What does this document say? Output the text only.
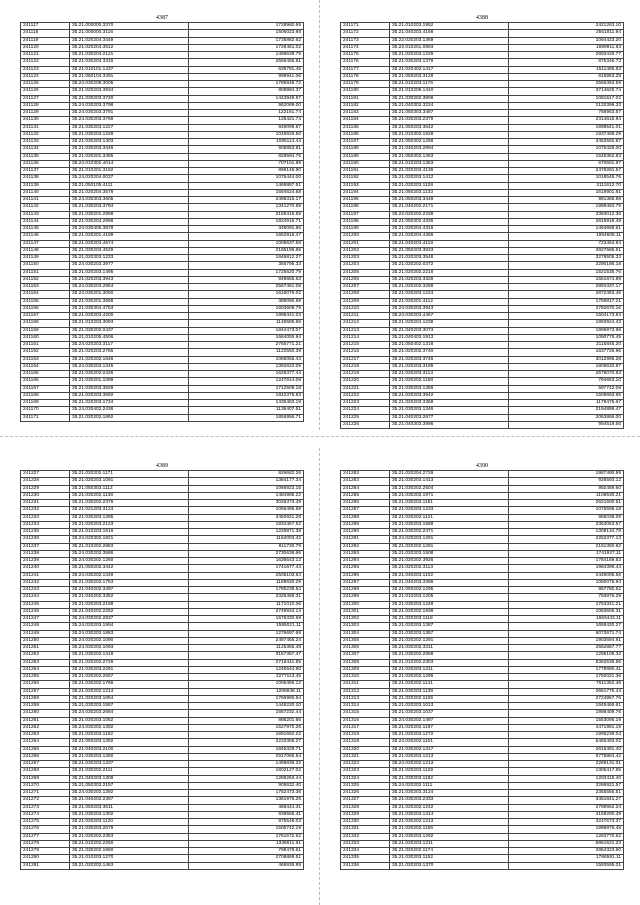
4387
241117	35.21.000000.3370	1728960.69
241118	35.21.000000.3116	1506023.68
241119	35.21.020204.3449	1735882.62
241120	35.21.020204.3512	1728461.02
241121	35.21.030204.2121	1499639.79
241122	35.21.030204.3316	2556455.81
241123	35.21.010101.1437	635791.45
241124	35.21.060104.3491	998941.06
241125	35.24.030208.3005	1785848.72
241126	35.21.020203.3934	808994.37
241127	35.21.030203.3720	1443949.87
241128	35.24.030203.3798	962089.00
241129	35.24.030203.3791	122161.74
241130	35.24.030203.3768	125421.74
241131	35.21.030203.1227	849099.87
241132	35.21.030203.1228	1049826.50
241133	35.21.030203.1403	1085114.44
241134	35.21.030203.3446	905853.81
241135	35.21.020201.3485	828594.76
241136	35.24.010302.4014	707101.89
241137	35.21.010201.3162	899146.90
241138	35.24.020204.0037	1076444.00
241139	35.21.050105.4111	1469887.51
241140	35.21.020204.3578	1694624.68
241141	35.24.030303.3605	2498316.17
241142	35.21.030203.3794	1341270.89
241143	35.21.030201.2998	2159416.59
241144	35.21.030204.2998	1924916.71
241145	35.24.030405.3878	349091.86
241146	35.21.020201.4189	1652916.47
241147	35.21.020203.4574	1006637.58
241148	35.21.030203.4529	2185196.86
241149	35.21.020303.1233	1846812.27
241150	35.24.030203.3977	356795.33
241151	35.21.020203.1495	1725620.79
241152	35.21.020203.3943	948655.63
241153	35.24.030203.2864	2567461.08
241154	35.24.030201.3050	1616079.02
241155	35.21.030201.3668	389090.89
241156	35.21.030304.4753	1603609.79
241157	35.21.020203.4200	1995441.03
241158	35.21.010203.3093	1149585.66
241159	35.21.030202.0437	1844473.07
241160	35.21.010205.4506	1664055.94
241161	35.24.020203.3117	2765771.21
241162	35.21.020203.2765	1122550.39
241163	35.21.020202.1646	1066055.44
241164	35.24.030203.1345	1362622.09
241165	35.21.030202.0426	1625377.44
241166	35.21.030201.1089	1247614.08
241167	35.21.030203.3829	1712508.18
241168	35.21.020203.3592	1842375.83
241169	35.21.020203.1734	1335483.19
241170	35.24.030402.2436	1136407.51
241171	35.21.020202.1892	1856956.71
4388
241171	35.21.010203.1952	2421263.10
241172	35.21.040203.4168	2551811.94
241173	35.22.020203.1369	1094423.20
241174	35.22.010201.0893	1889911.93
241175	35.21.020203.1229	2693425.77
241176	35.21.030203.1379	875346.73
241177	35.21.020402.1417	1511485.83
241178	35.21.050203.3128	815963.28
241179	35.21.010203.1176	2565353.59
241180	35.21.010206.1410	3714625.74
241181	35.21.030202.3908	1081517.02
241182	35.21.040302.3224	2132396.33
241183	35.21.050303.3487	768963.57
241184	35.21.030203.2379	2314615.94
241185	35.21.050203.3542	1998541.01
241186	35.21.010302.1928	1937488.29
241187	35.21.050302.1258	3462592.87
241188	35.21.040203.2894	1075426.00
241189	35.21.050302.1363	1545362.83
241190	35.21.010203.1363	670601.97
241191	35.21.020203.4136	2478281.57
241192	35.21.020203.1412	1018545.76
241193	35.21.020203.1128	2111612.70
241194	35.21.050203.1133	1619901.81
241195	35.21.050203.3448	981365.98
241196	35.21.040202.2171	1998494.79
241197	35.22.020202.2338	3383012.36
241198	35.21.050302.4336	2815919.49
241199	35.21.020204.4316	1464658.61
241200	35.21.020204.4366	1954605.11
241201	35.21.040203.4118	723454.84
241202	35.21.050203.3833	3927586.51
241203	35.21.020203.3548	3279505.33
241204	35.21.020202.0372	2290186.18
241205	35.21.020202.2216	1521535.76
241206	35.21.020203.3328	1561674.89
241207	35.21.020202.3288	2894437.17
241208	35.21.020203.1224	2872463.46
241209	35.21.020201.4112	1769817.21
241210	35.24.030203.3943	2782670.16
241211	35.24.030203.4467	1504173.94
241212	35.21.020204.1238	1992924.43
241213	35.21.040203.3073	1996973.98
241214	35.21.040403.1913	1090775.45
241215	35.21.050402.1318	2115846.20
241216	35.21.020202.3740	1537726.96
241217	35.21.020203.3746	3012996.28
241218	35.21.020203.3189	1809632.87
241219	35.21.020203.3113	2578070.83
241220	35.21.020202.1158	794663.10
241221	35.21.030203.1366	597742.08
241222	35.21.020203.3942	1509693.95
241223	35.21.020203.3368	1178475.67
241224	35.21.030203.1346	2194899.47
241225	35.21.040203.2677	2063866.00
241226	35.21.040303.3996	994519.66
4389
241227	35.21.020202.1171	826682.26
241228	35.21.020203.1091	1384177.34
241229	35.21.050303.1112	1066923.15
241230	35.21.030202.1138	1484995.22
241231	35.21.030202.2376	3026373.49
241232	35.21.021203.3124	1065495.59
241233	35.21.030203.1385	3450921.28
241234	35.21.020203.2123	1834467.52
241235	35.21.010203.1616	1225871.38
241236	35.24.020302.1821	1164003.42
241237	35.21.010202.2883	911730.79
241238	35.24.030202.3586	2730636.66
241239	35.24.030202.1260	1636543.12
241240	35.21.050202.3442	1741677.44
241241	35.24.030202.1349	2505103.84
241242	35.21.030202.1753	1189620.29
241243	35.21.040202.3497	1785239.54
241244	35.21.040202.3352	2326469.31
241245	35.21.020203.2188	1171010.06
241246	35.21.040202.2252	2749934.14
241247	35.24.030202.2837	1576330.69
241248	35.24.020203.1994	1585021.11
241249	35.24.030202.1883	1276697.68
241250	35.24.020202.1090	2487455.24
241251	35.24.030202.1093	1125356.48
241252	35.21.030202.1418	3157387.47
241253	35.21.020202.2729	2716441.85
241254	35.21.030203.2291	1246544.80
241255	35.21.020202.2657	2277113.45
241256	35.21.030202.1766	1006466.12
241257	35.21.020202.1214	1206838.11
241258	35.21.020203.1064	1766990.54
241259	35.21.030203.1557	1448220.10
241260	35.24.030203.2684	1667232.44
241261	35.21.020203.1052	886201.66
241262	35.24.030202.1392	1527970.26
241263	35.21.020203.1162	1691692.22
241264	35.21.050203.1392	2233306.27
241265	35.21.040203.2100	1845329.71
241266	35.21.030203.1360	2917086.54
241267	35.21.030203.1337	1498838.22
241268	35.21.030202.2111	1602127.02
241269	35.21.040203.1308	1288263.44
241270	35.21.050303.2157	905632.40
241271	35.24.030202.1392	1752473.36
241272	35.21.040202.2397	1361976.25
241273	35.21.050203.3611	468444.31
241274	35.21.030203.1302	938566.41
241275	35.21.020203.1120	975548.03
241276	35.21.030203.2679	1505742.19
241277	35.21.020202.2363	1761572.62
241278	35.21.010202.2250	1336611.61
241279	35.21.030202.1960	798478.61
241280	35.21.010203.1270	2708869.51
241281	35.21.020202.1463	469936.89
4390
241282	35.21.020204.2729	1987490.99
241283	35.21.030203.1413	926593.12
241284	35.21.030202.2504	950469.60
241285	35.21.030202.1971	1108530.21
241286	35.21.030203.1151	2621600.51
241287	35.21.020203.1233	1076598.18
241288	35.21.020202.1121	966038.09
241289	35.21.030203.1568	2363063.57
241290	35.21.030202.2471	1309134.78
241291	35.24.020203.1291	2252377.13
241292	35.21.020202.1291	2161350.82
241293	35.21.020203.1508	1741927.11
241294	35.21.020202.3926	1784169.53
241295	35.21.020202.3113	1964399.44
241296	35.21.040203.1102	2449005.56
241297	35.21.040203.3396	1050075.94
241298	35.21.050202.1295	957780.52
241299	35.21.010203.1205	793876.29
241300	35.21.030203.1248	1753341.21
241301	35.21.020202.1938	1083605.31
241302	35.21.020203.1118	1663443.11
241303	35.21.020203.1387	1658430.27
241304	35.21.030203.1357	6073671.74
241305	35.21.020202.1291	1903694.91
241306	35.21.030202.3311	2552887.77
241307	35.21.030202.2898	1296106.32
241308	35.21.010202.2303	5362536.86
241309	35.21.020203.1311	1778980.41
241310	35.21.020202.1296	1792021.36
241311	35.21.020202.1141	7611352.46
241312	35.21.030203.1138	2661775.44
241313	35.21.020202.1106	2724957.76
241314	35.21.020203.1013	1945469.61
241315	35.21.030203.1037	1998409.76
241316	35.24.030202.1497	1553095.19
241317	35.21.020202.1197	4471981.19
241318	35.21.020203.1272	1995238.04
241319	35.24.020202.1101	5465493.02
241320	35.21.030202.1317	2616491.40
241321	35.21.020203.1213	6775884.42
241322	35.24.020202.1213	2289131.01
241323	35.21.020203.1129	1306417.65
241324	35.21.030203.1192	1203415.40
241325	35.24.020202.1111	3286921.57
241326	35.21.030203.3124	2355555.51
241327	35.21.030203.2333	3451841.27
241328	35.21.020202.1242	2799962.24
241329	35.21.030203.1314	4158280.49
241330	35.21.030202.1213	3247673.37
241331	35.21.020202.1166	1896876.48
241332	35.21.030203.1292	1263770.62
241333	35.21.020203.1211	6861521.23
241334	35.21.020202.1174	2864323.60
241335	35.21.030203.1152	1786591.11
241336	35.21.020203.1370	1593595.01
